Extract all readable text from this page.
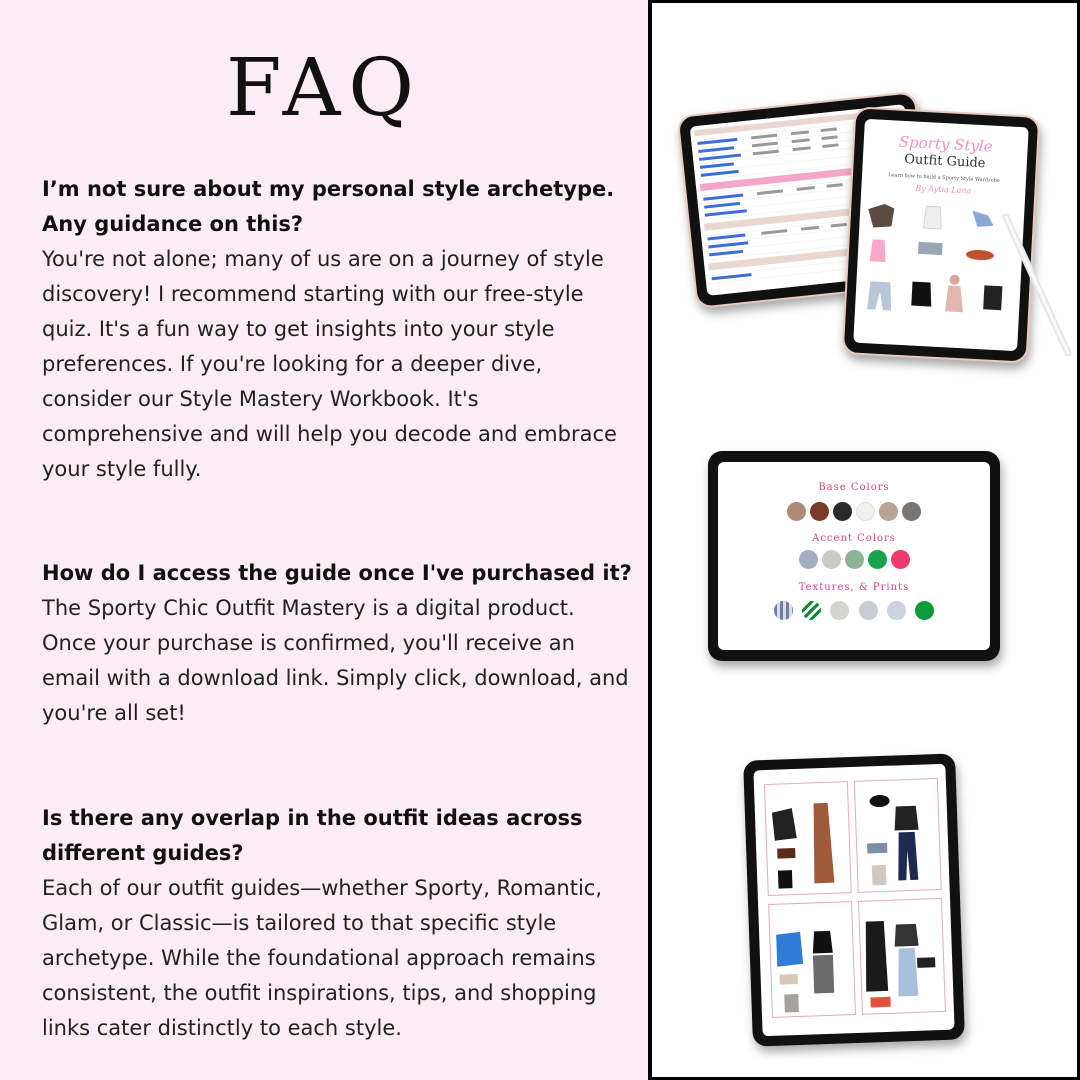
FAQ
I’m not sure about my personal style archetype. Any guidance on this?
You're not alone; many of us are on a journey of style discovery! I recommend starting with our free-style quiz. It's a fun way to get insights into your style preferences. If you're looking for a deeper dive, consider our Style Mastery Workbook. It's comprehensive and will help you decode and embrace your style fully.
How do I access the guide once I've purchased it?
The Sporty Chic Outfit Mastery is a digital product. Once your purchase is confirmed, you'll receive an email with a download link. Simply click, download, and you're all set!
Is there any overlap in the outfit ideas across different guides?
Each of our outfit guides—whether Sporty, Romantic, Glam, or Classic—is tailored to that specific style archetype. While the foundational approach remains consistent, the outfit inspirations, tips, and shopping links cater distinctly to each style.
Sporty Style
Outfit Guide
Learn how to build a Sporty Style Wardrobe
By Aytia Lana
Base Colors
Accent Colors
Textures, & Prints
